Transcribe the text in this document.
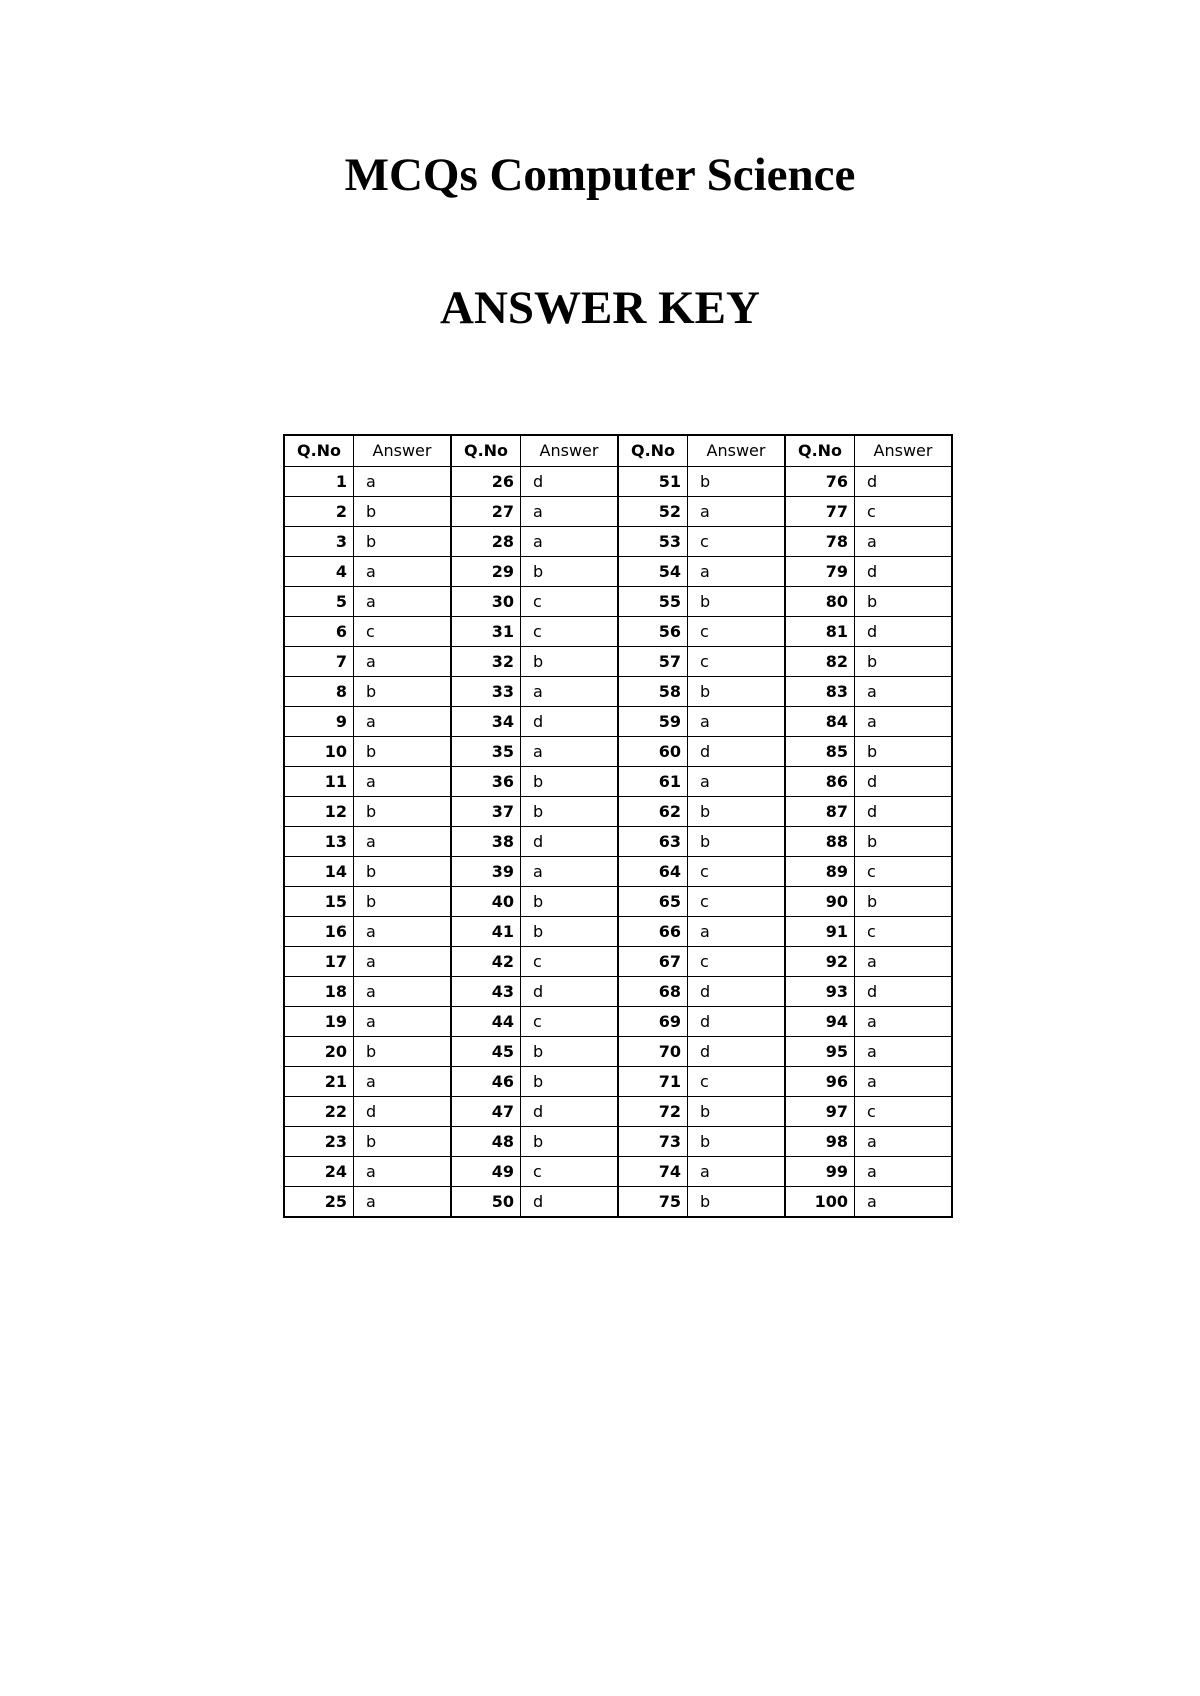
MCQs Computer Science
ANSWER KEY
Q.No	Answer	Q.No	Answer	Q.No	Answer	Q.No	Answer
1	a	26	d	51	b	76	d
2	b	27	a	52	a	77	c
3	b	28	a	53	c	78	a
4	a	29	b	54	a	79	d
5	a	30	c	55	b	80	b
6	c	31	c	56	c	81	d
7	a	32	b	57	c	82	b
8	b	33	a	58	b	83	a
9	a	34	d	59	a	84	a
10	b	35	a	60	d	85	b
11	a	36	b	61	a	86	d
12	b	37	b	62	b	87	d
13	a	38	d	63	b	88	b
14	b	39	a	64	c	89	c
15	b	40	b	65	c	90	b
16	a	41	b	66	a	91	c
17	a	42	c	67	c	92	a
18	a	43	d	68	d	93	d
19	a	44	c	69	d	94	a
20	b	45	b	70	d	95	a
21	a	46	b	71	c	96	a
22	d	47	d	72	b	97	c
23	b	48	b	73	b	98	a
24	a	49	c	74	a	99	a
25	a	50	d	75	b	100	a
